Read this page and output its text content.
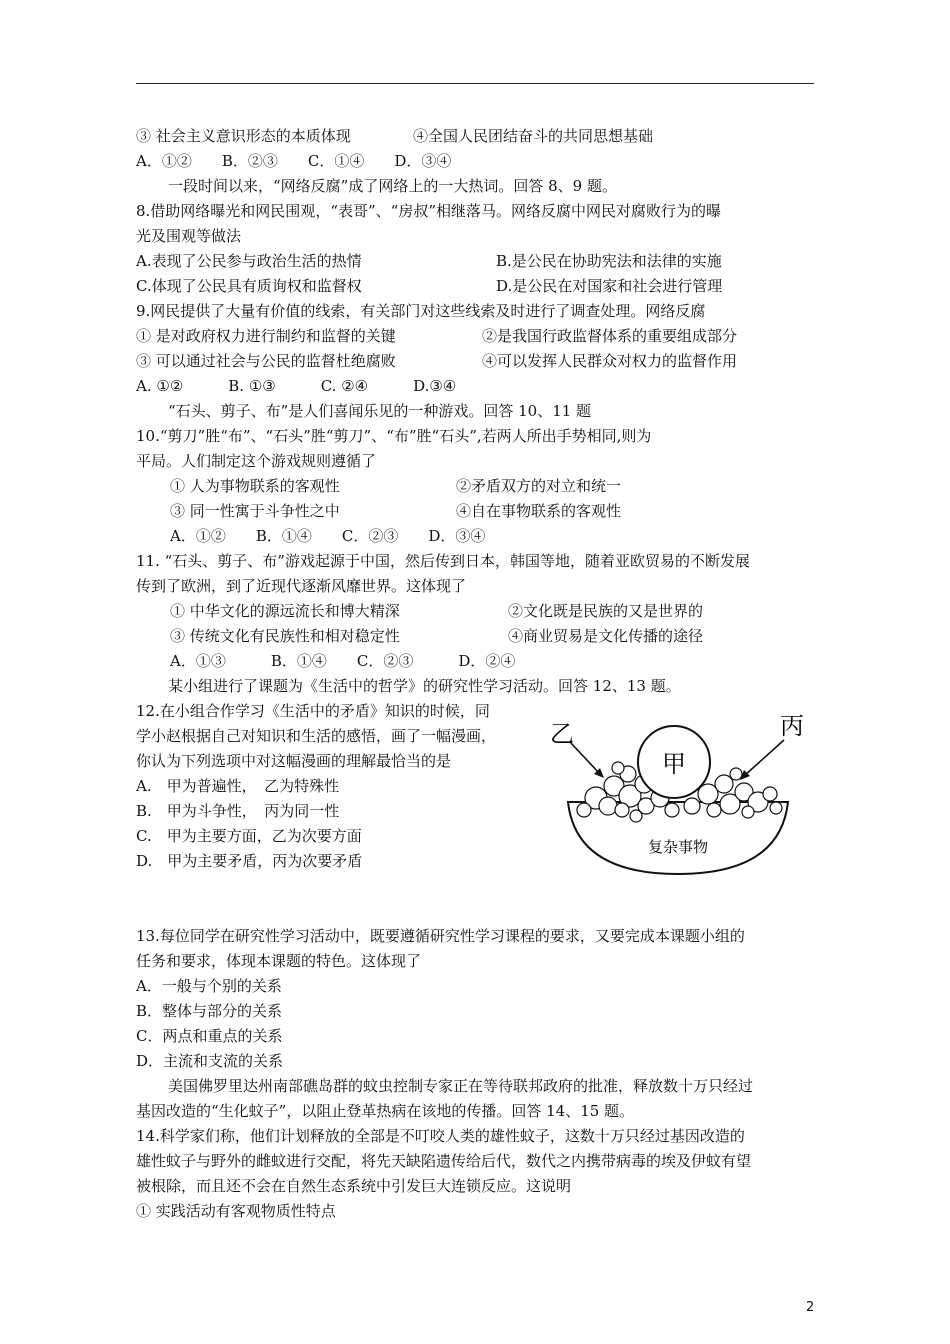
③ 社会主义意识形态的本质体现	④全国人民团结奋斗的共同思想基础
A．①②　　B．②③　　C．①④　　D．③④
一段时间以来，“网络反腐”成了网络上的一大热词。回答 8、9 题。
8.借助网络曝光和网民围观，“表哥”、“房叔”相继落马。网络反腐中网民对腐败行为的曝
光及围观等做法
A.表现了公民参与政治生活的热情	B.是公民在协助宪法和法律的实施
C.体现了公民具有质询权和监督权	D.是公民在对国家和社会进行管理
9.网民提供了大量有价值的线索，有关部门对这些线索及时进行了调查处理。网络反腐
① 是对政府权力进行制约和监督的关键	②是我国行政监督体系的重要组成部分
③ 可以通过社会与公民的监督杜绝腐败	④可以发挥人民群众对权力的监督作用
A. ①②　　　B. ①③　　　C. ②④　　　D.③④
“石头、剪子、布”是人们喜闻乐见的一种游戏。回答 10、11 题
10.“剪刀”胜“布”、“石头”胜“剪刀”、“布”胜“石头”,若两人所出手势相同,则为
平局。人们制定这个游戏规则遵循了
① 人为事物联系的客观性	②矛盾双方的对立和统一
③ 同一性寓于斗争性之中	④自在事物联系的客观性
A．①②　　B．①④　　C．②③　　D．③④
11. “石头、剪子、布”游戏起源于中国，然后传到日本，韩国等地，随着亚欧贸易的不断发展
传到了欧洲，到了近现代逐渐风靡世界。这体现了
① 中华文化的源远流长和博大精深	②文化既是民族的又是世界的
③ 传统文化有民族性和相对稳定性	④商业贸易是文化传播的途径
A．①③　　　B．①④　　C．②③　　　D．②④
某小组进行了课题为《生活中的哲学》的研究性学习活动。回答 12、13 题。
12.在小组合作学习《生活中的矛盾》知识的时候，同
学小赵根据自己对知识和生活的感悟，画了一幅漫画，
你认为下列选项中对这幅漫画的理解最恰当的是
A.　甲为普遍性，　乙为特殊性
B.　甲为斗争性，　丙为同一性
C.　甲为主要方面，乙为次要方面
D.　甲为主要矛盾，丙为次要矛盾
甲
乙	丙
复杂事物
13.每位同学在研究性学习活动中，既要遵循研究性学习课程的要求，又要完成本课题小组的
任务和要求，体现本课题的特色。这体现了
A．一般与个别的关系
B．整体与部分的关系
C．两点和重点的关系
D．主流和支流的关系
美国佛罗里达州南部礁岛群的蚊虫控制专家正在等待联邦政府的批准，释放数十万只经过
基因改造的“生化蚊子”，以阻止登革热病在该地的传播。回答 14、15 题。
14.科学家们称，他们计划释放的全部是不叮咬人类的雄性蚊子，这数十万只经过基因改造的
雄性蚊子与野外的雌蚊进行交配，将先天缺陷遗传给后代，数代之内携带病毒的埃及伊蚊有望
被根除，而且还不会在自然生态系统中引发巨大连锁反应。这说明
① 实践活动有客观物质性特点
2
